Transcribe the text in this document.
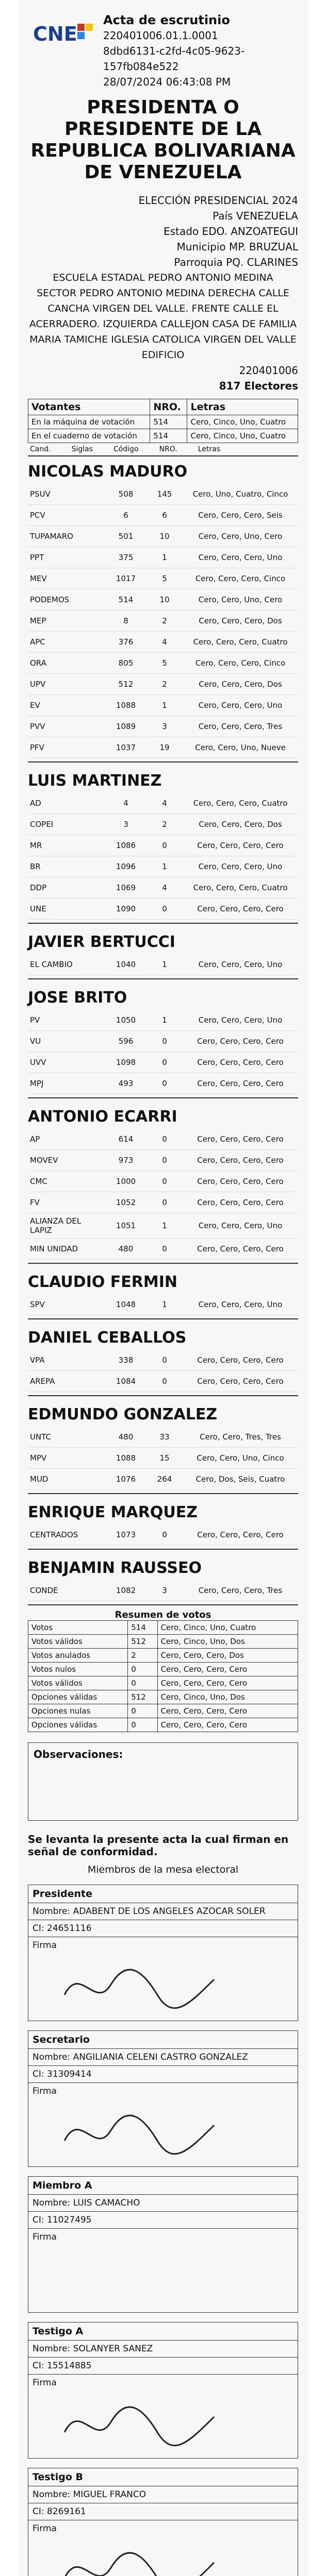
CNE
Acta de escrutinio
220401006.01.1.0001
8dbd6131-c2fd-4c05-9623-
157fb084e522
28/07/2024 06:43:08 PM
PRESIDENTA O PRESIDENTE DE LA REPUBLICA BOLIVARIANA DE VENEZUELA
ELECCIÓN PRESIDENCIAL 2024
País VENEZUELA
Estado EDO. ANZOATEGUI
Municipio MP. BRUZUAL
Parroquia PQ. CLARINES
ESCUELA ESTADAL PEDRO ANTONIO MEDINA
SECTOR PEDRO ANTONIO MEDINA DERECHA CALLE CANCHA VIRGEN DEL VALLE. FRENTE CALLE EL ACERRADERO. IZQUIERDA CALLEJON CASA DE FAMILIA MARIA TAMICHE IGLESIA CATOLICA VIRGEN DEL VALLE EDIFICIO
220401006
817 Electores
Votantes	NRO.	Letras
En la máquina de votación	514	Cero, Cinco, Uno, Cuatro
En el cuaderno de votación	514	Cero, Cinco, Uno, Cuatro
Cand.	Siglas	Código	NRO.	Letras
NICOLAS MADURO
PSUV	508	145	Cero, Uno, Cuatro, Cinco
PCV	6	6	Cero, Cero, Cero, Seis
TUPAMARO	501	10	Cero, Cero, Uno, Cero
PPT	375	1	Cero, Cero, Cero, Uno
MEV	1017	5	Cero, Cero, Cero, Cinco
PODEMOS	514	10	Cero, Cero, Uno, Cero
MEP	8	2	Cero, Cero, Cero, Dos
APC	376	4	Cero, Cero, Cero, Cuatro
ORA	805	5	Cero, Cero, Cero, Cinco
UPV	512	2	Cero, Cero, Cero, Dos
EV	1088	1	Cero, Cero, Cero, Uno
PVV	1089	3	Cero, Cero, Cero, Tres
PFV	1037	19	Cero, Cero, Uno, Nueve
LUIS MARTINEZ
AD	4	4	Cero, Cero, Cero, Cuatro
COPEI	3	2	Cero, Cero, Cero, Dos
MR	1086	0	Cero, Cero, Cero, Cero
BR	1096	1	Cero, Cero, Cero, Uno
DDP	1069	4	Cero, Cero, Cero, Cuatro
UNE	1090	0	Cero, Cero, Cero, Cero
JAVIER BERTUCCI
EL CAMBIO	1040	1	Cero, Cero, Cero, Uno
JOSE BRITO
PV	1050	1	Cero, Cero, Cero, Uno
VU	596	0	Cero, Cero, Cero, Cero
UVV	1098	0	Cero, Cero, Cero, Cero
MPJ	493	0	Cero, Cero, Cero, Cero
ANTONIO ECARRI
AP	614	0	Cero, Cero, Cero, Cero
MOVEV	973	0	Cero, Cero, Cero, Cero
CMC	1000	0	Cero, Cero, Cero, Cero
FV	1052	0	Cero, Cero, Cero, Cero
ALIANZA DEL LAPIZ	1051	1	Cero, Cero, Cero, Uno
MIN UNIDAD	480	0	Cero, Cero, Cero, Cero
CLAUDIO FERMIN
SPV	1048	1	Cero, Cero, Cero, Uno
DANIEL CEBALLOS
VPA	338	0	Cero, Cero, Cero, Cero
AREPA	1084	0	Cero, Cero, Cero, Cero
EDMUNDO GONZALEZ
UNTC	480	33	Cero, Cero, Tres, Tres
MPV	1088	15	Cero, Cero, Uno, Cinco
MUD	1076	264	Cero, Dos, Seis, Cuatro
ENRIQUE MARQUEZ
CENTRADOS	1073	0	Cero, Cero, Cero, Cero
BENJAMIN RAUSSEO
CONDE	1082	3	Cero, Cero, Cero, Tres
Resumen de votos
Votos	514	Cero, Cinco, Uno, Cuatro
Votos válidos	512	Cero, Cinco, Uno, Dos
Votos anulados	2	Cero, Cero, Cero, Dos
Votos nulos	0	Cero, Cero, Cero, Cero
Votos válidos	0	Cero, Cero, Cero, Cero
Opciones válidas	512	Cero, Cinco, Uno, Dos
Opciones nulas	0	Cero, Cero, Cero, Cero
Opciones válidas	0	Cero, Cero, Cero, Cero
Observaciones:
Se levanta la presente acta la cual firman en señal de conformidad.
Miembros de la mesa electoral
Presidente
Nombre: ADABENT DE LOS ANGELES AZOCAR SOLER
CI: 24651116
Firma
Secretario
Nombre: ANGILIANIA CELENI CASTRO GONZALEZ
CI: 31309414
Firma
Miembro A
Nombre: LUIS CAMACHO
CI: 11027495
Firma
Testigo A
Nombre: SOLANYER SANEZ
CI: 15514885
Firma
Testigo B
Nombre: MIGUEL FRANCO
CI: 8269161
Firma
